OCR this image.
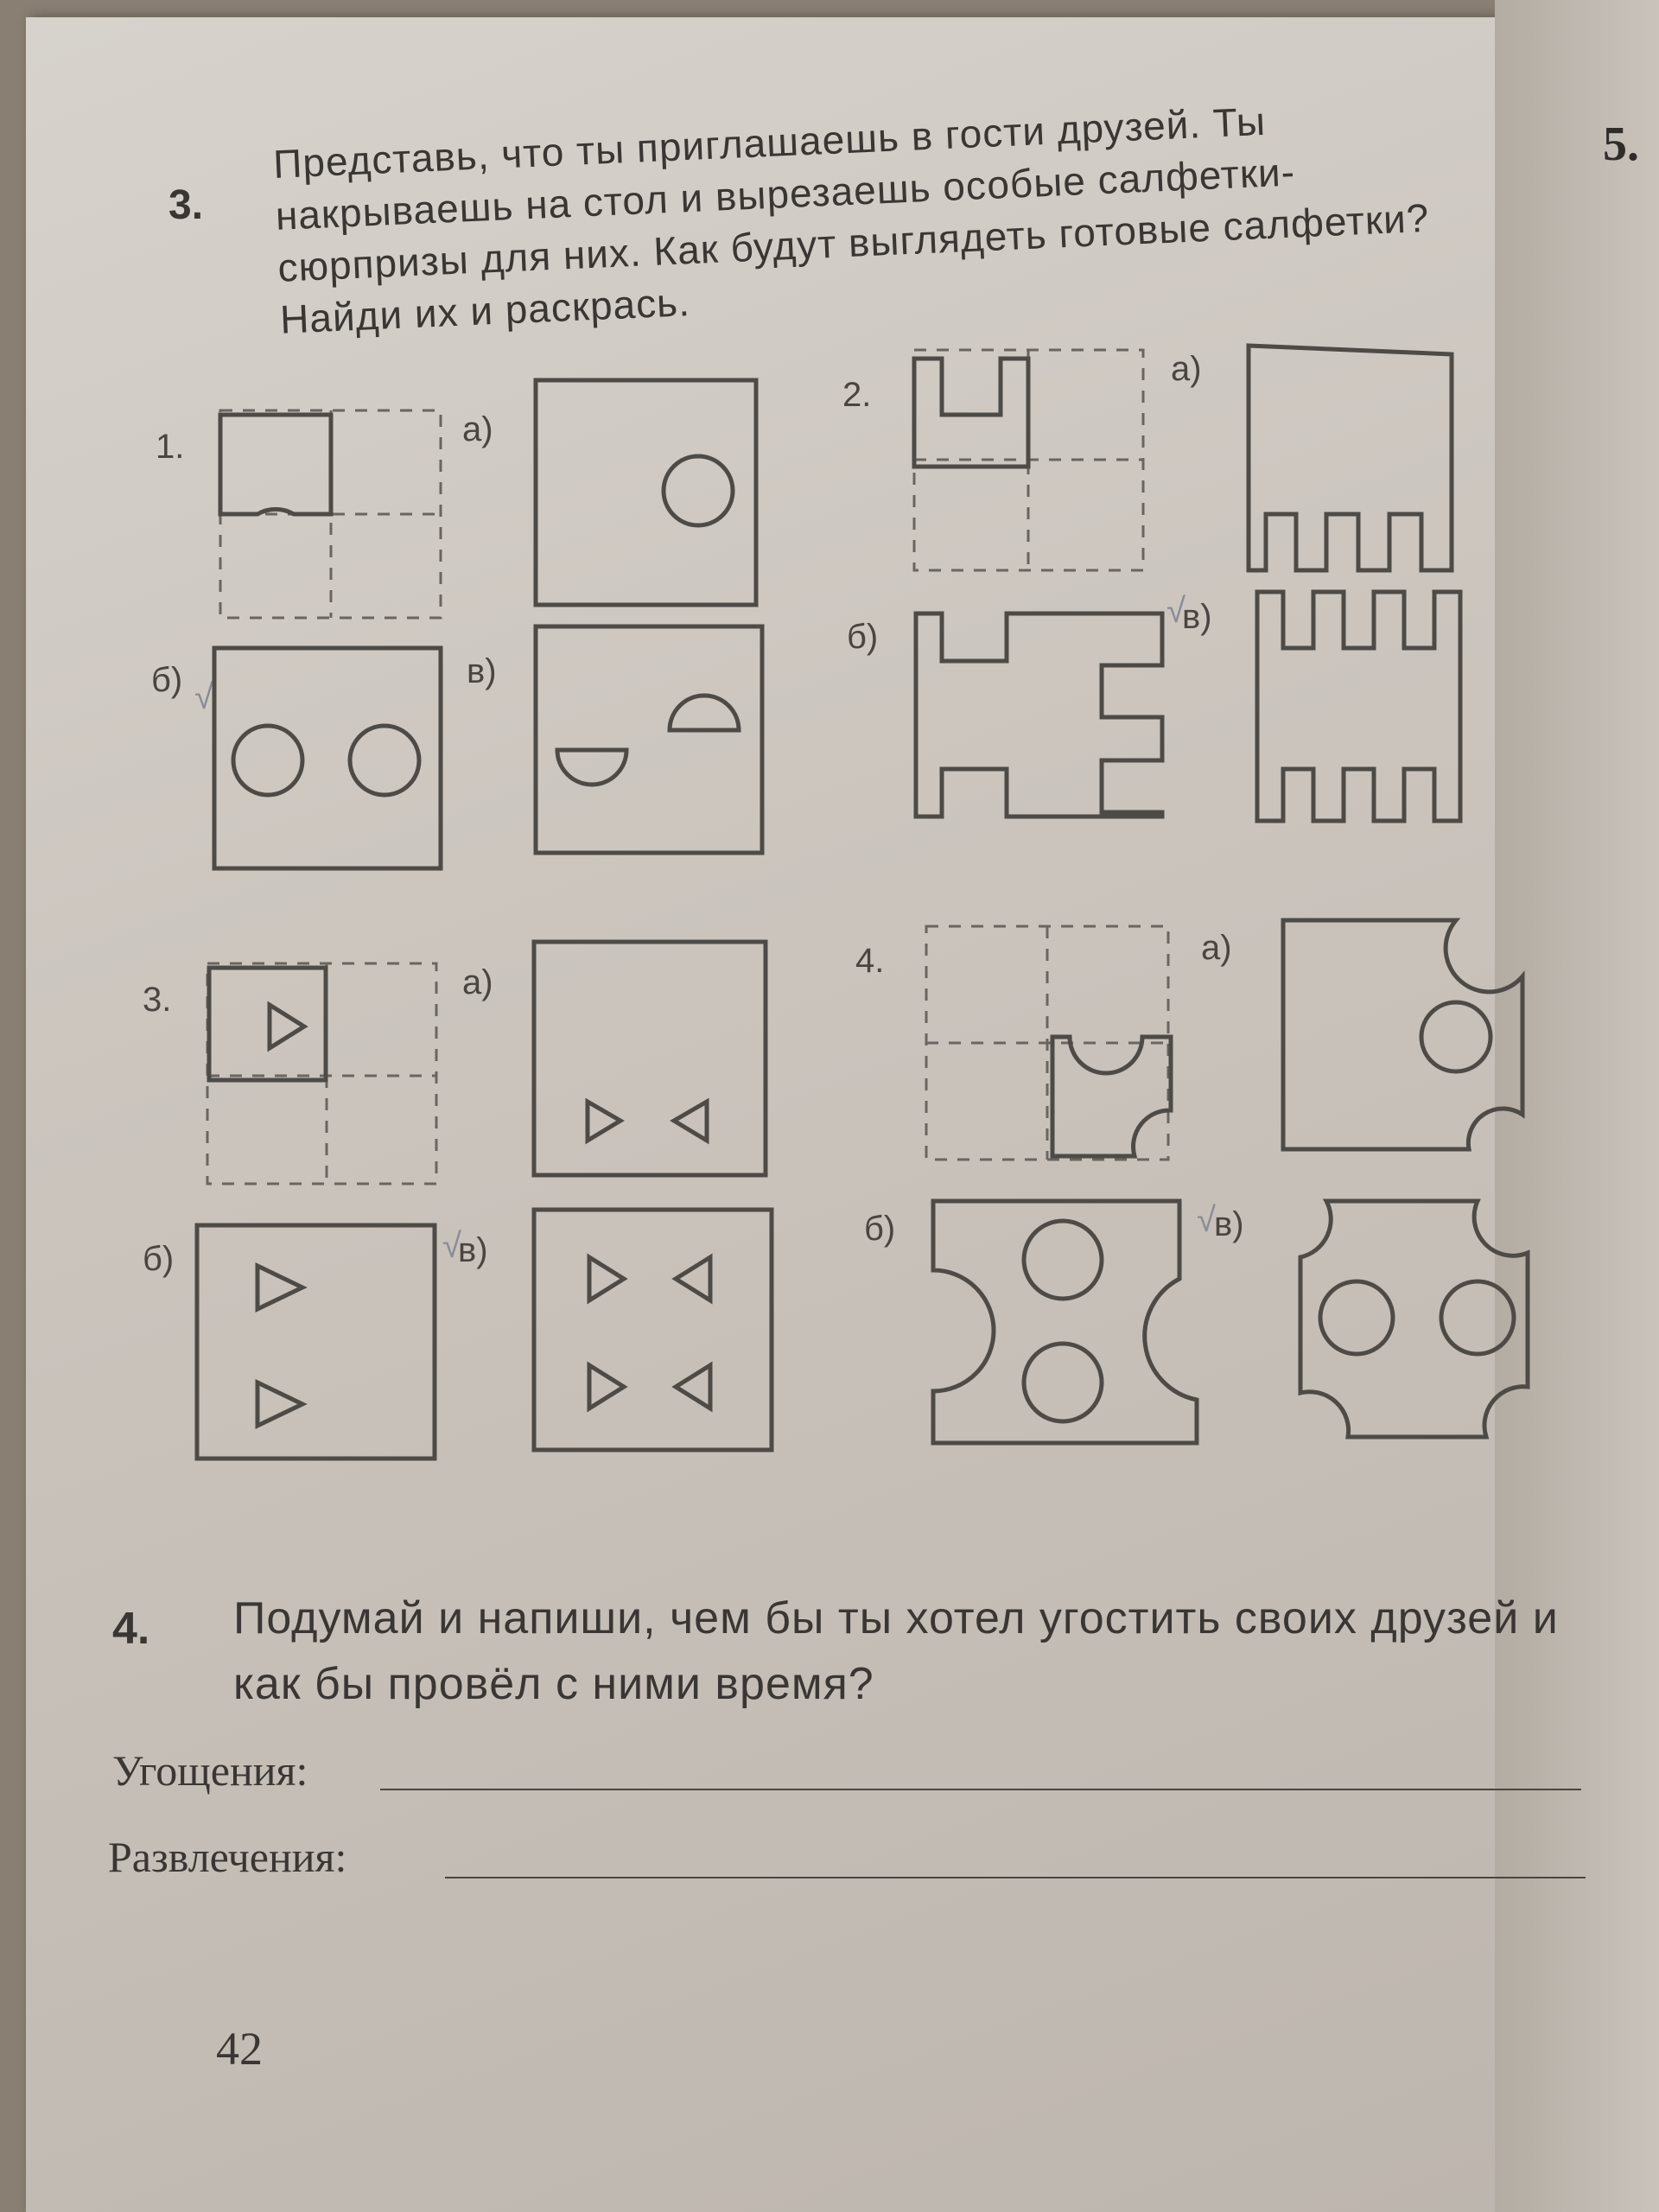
5.
3.
Представь, что ты приглашаешь в гости друзей. Ты накрываешь на стол и вырезаешь особые салфетки-сюрпризы для них. Как будут выглядеть готовые салфетки? Найди их и раскрась.
1.	а)
б) √
в)
2.
а)
б)
√
в)
3.	а)
б)	√
в)
4.	а)
б)	√
в)
4. Подумай и напиши, чем бы ты хотел угостить своих друзей и как бы провёл с ними время?
Угощения:
Развлечения:
42
